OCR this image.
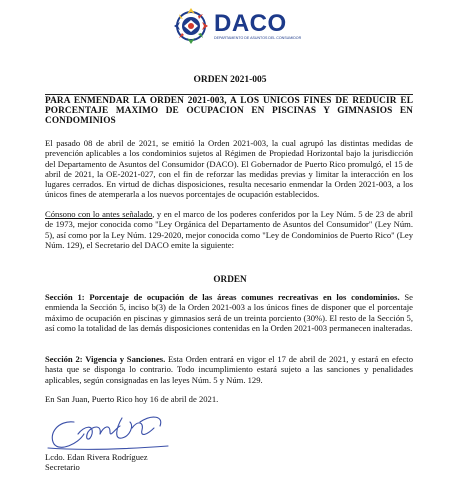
DACO
DEPARTAMENTO DE ASUNTOS DEL CONSUMIDOR
ORDEN 2021-005
PARA ENMENDAR LA ORDEN 2021-003, A LOS UNICOS FINES DE REDUCIR EL PORCENTAJE MAXIMO DE OCUPACION EN PISCINAS Y GIMNASIOS EN CONDOMINIOS

El pasado 08 de abril de 2021, se emitió la Orden 2021-003, la cual agrupó las distintas medidas de prevención aplicables a los condominios sujetos al Régimen de Propiedad Horizontal bajo la jurisdicción del Departamento de Asuntos del Consumidor (DACO). El Gobernador de Puerto Rico promulgó, el 15 de abril de 2021, la OE-2021-027, con el fin de reforzar las medidas previas y limitar la interacción en los lugares cerrados. En virtud de dichas disposiciones, resulta necesario enmendar la Orden 2021-003, a los únicos fines de atemperarla a los nuevos porcentajes de ocupación establecidos.

Cónsono con lo antes señalado, y en el marco de los poderes conferidos por la Ley Núm. 5 de 23 de abril de 1973, mejor conocida como "Ley Orgánica del Departamento de Asuntos del Consumidor" (Ley Núm. 5), así como por la Ley Núm. 129-2020, mejor conocida como "Ley de Condominios de Puerto Rico" (Ley Núm. 129), el Secretario del DACO emite la siguiente:

ORDEN

Sección 1: Porcentaje de ocupación de las áreas comunes recreativas en los condominios. Se enmienda la Sección 5, inciso b(3) de la Orden 2021-003 a los únicos fines de disponer que el porcentaje máximo de ocupación en piscinas y gimnasios será de un treinta porciento (30%). El resto de la Sección 5, así como la totalidad de las demás disposiciones contenidas en la Orden 2021-003 permanecen inalteradas.

Sección 2: Vigencia y Sanciones. Esta Orden entrará en vigor el 17 de abril de 2021, y estará en efecto hasta que se disponga lo contrario. Todo incumplimiento estará sujeto a las sanciones y penalidades aplicables, según consignadas en las leyes Núm. 5 y Núm. 129.

En San Juan, Puerto Rico hoy 16 de abril de 2021.

Lcdo. Edan Rivera Rodríguez
Secretario
